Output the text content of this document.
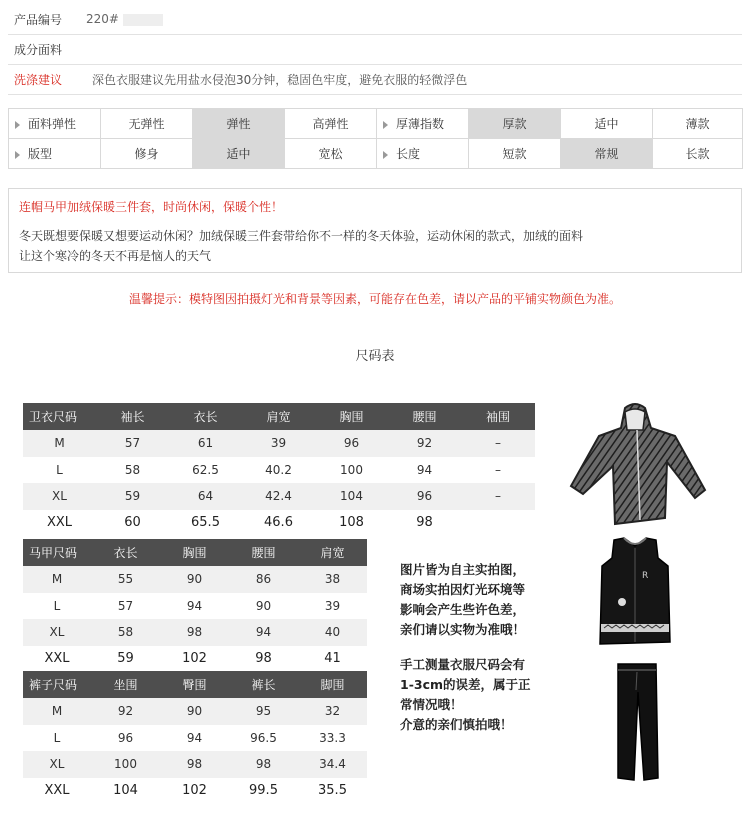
产品编号	220#
成分面料
洗涤建议	深色衣服建议先用盐水侵泡30分钟，稳固色牢度，避免衣服的轻微浮色
面料弹性	无弹性	弹性	高弹性	厚薄指数	厚款	适中	薄款
版型	修身	适中	宽松	长度	短款	常规	长款
连帽马甲加绒保暖三件套，时尚休闲，保暖个性！
冬天既想要保暖又想要运动休闲？加绒保暖三件套带给你不一样的冬天体验，运动休闲的款式，加绒的面料
让这个寒冷的冬天不再是恼人的天气
温馨提示：模特图因拍摄灯光和背景等因素，可能存在色差，请以产品的平铺实物颜色为准。
尺码表
卫衣尺码	袖长	衣长	肩宽	胸围	腰围	袖围
M	57	61	39	96	92	–
L	58	62.5	40.2	100	94	–
XL	59	64	42.4	104	96	–
XXL	60	65.5	46.6	108	98	
马甲尺码	衣长	胸围	腰围	肩宽
M	55	90	86	38
L	57	94	90	39
XL	58	98	94	40
XXL	59	102	98	41
裤子尺码	坐围	臀围	裤长	脚围
M	92	90	95	32
L	96	94	96.5	33.3
XL	100	98	98	34.4
XXL	104	102	99.5	35.5
R
图片皆为自主实拍图，
商场实拍因灯光环境等
影响会产生些许色差，
亲们请以实物为准哦！
手工测量衣服尺码会有
1-3cm的误差，属于正
常情况哦！
介意的亲们慎拍哦！
